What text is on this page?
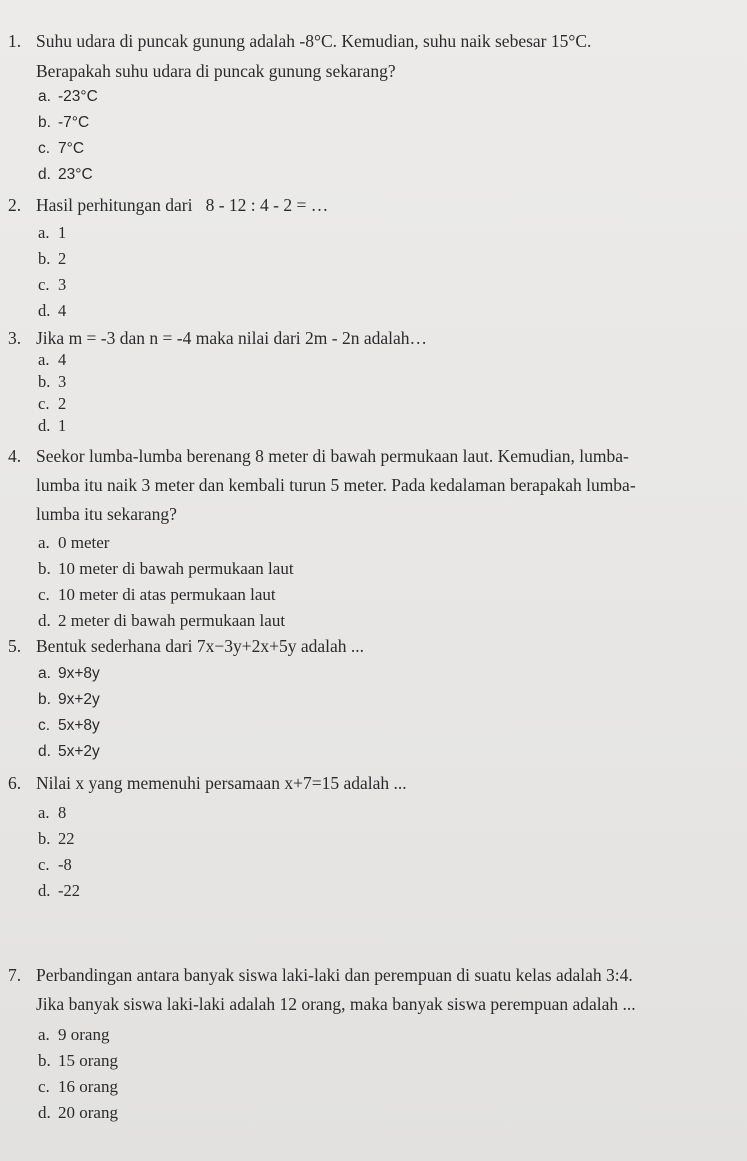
1. Suhu udara di puncak gunung adalah -8°C. Kemudian, suhu naik sebesar 15°C.
Berapakah suhu udara di puncak gunung sekarang?
a. -23°C
b. -7°C
c. 7°C
d. 23°C
2. Hasil perhitungan dari   8 - 12 : 4 - 2 = …
a. 1
b. 2
c. 3
d. 4
3. Jika m = -3 dan n = -4 maka nilai dari 2m - 2n adalah…
a. 4
b. 3
c. 2
d. 1
4. Seekor lumba-lumba berenang 8 meter di bawah permukaan laut. Kemudian, lumba-
lumba itu naik 3 meter dan kembali turun 5 meter. Pada kedalaman berapakah lumba-
lumba itu sekarang?
a. 0 meter
b. 10 meter di bawah permukaan laut
c. 10 meter di atas permukaan laut
d. 2 meter di bawah permukaan laut
5. Bentuk sederhana dari 7x−3y+2x+5y adalah ...
a. 9x+8y
b. 9x+2y
c. 5x+8y
d. 5x+2y
6. Nilai x yang memenuhi persamaan x+7=15 adalah ...
a. 8
b. 22
c. -8
d. -22
7. Perbandingan antara banyak siswa laki-laki dan perempuan di suatu kelas adalah 3:4.
Jika banyak siswa laki-laki adalah 12 orang, maka banyak siswa perempuan adalah ...
a. 9 orang
b. 15 orang
c. 16 orang
d. 20 orang
